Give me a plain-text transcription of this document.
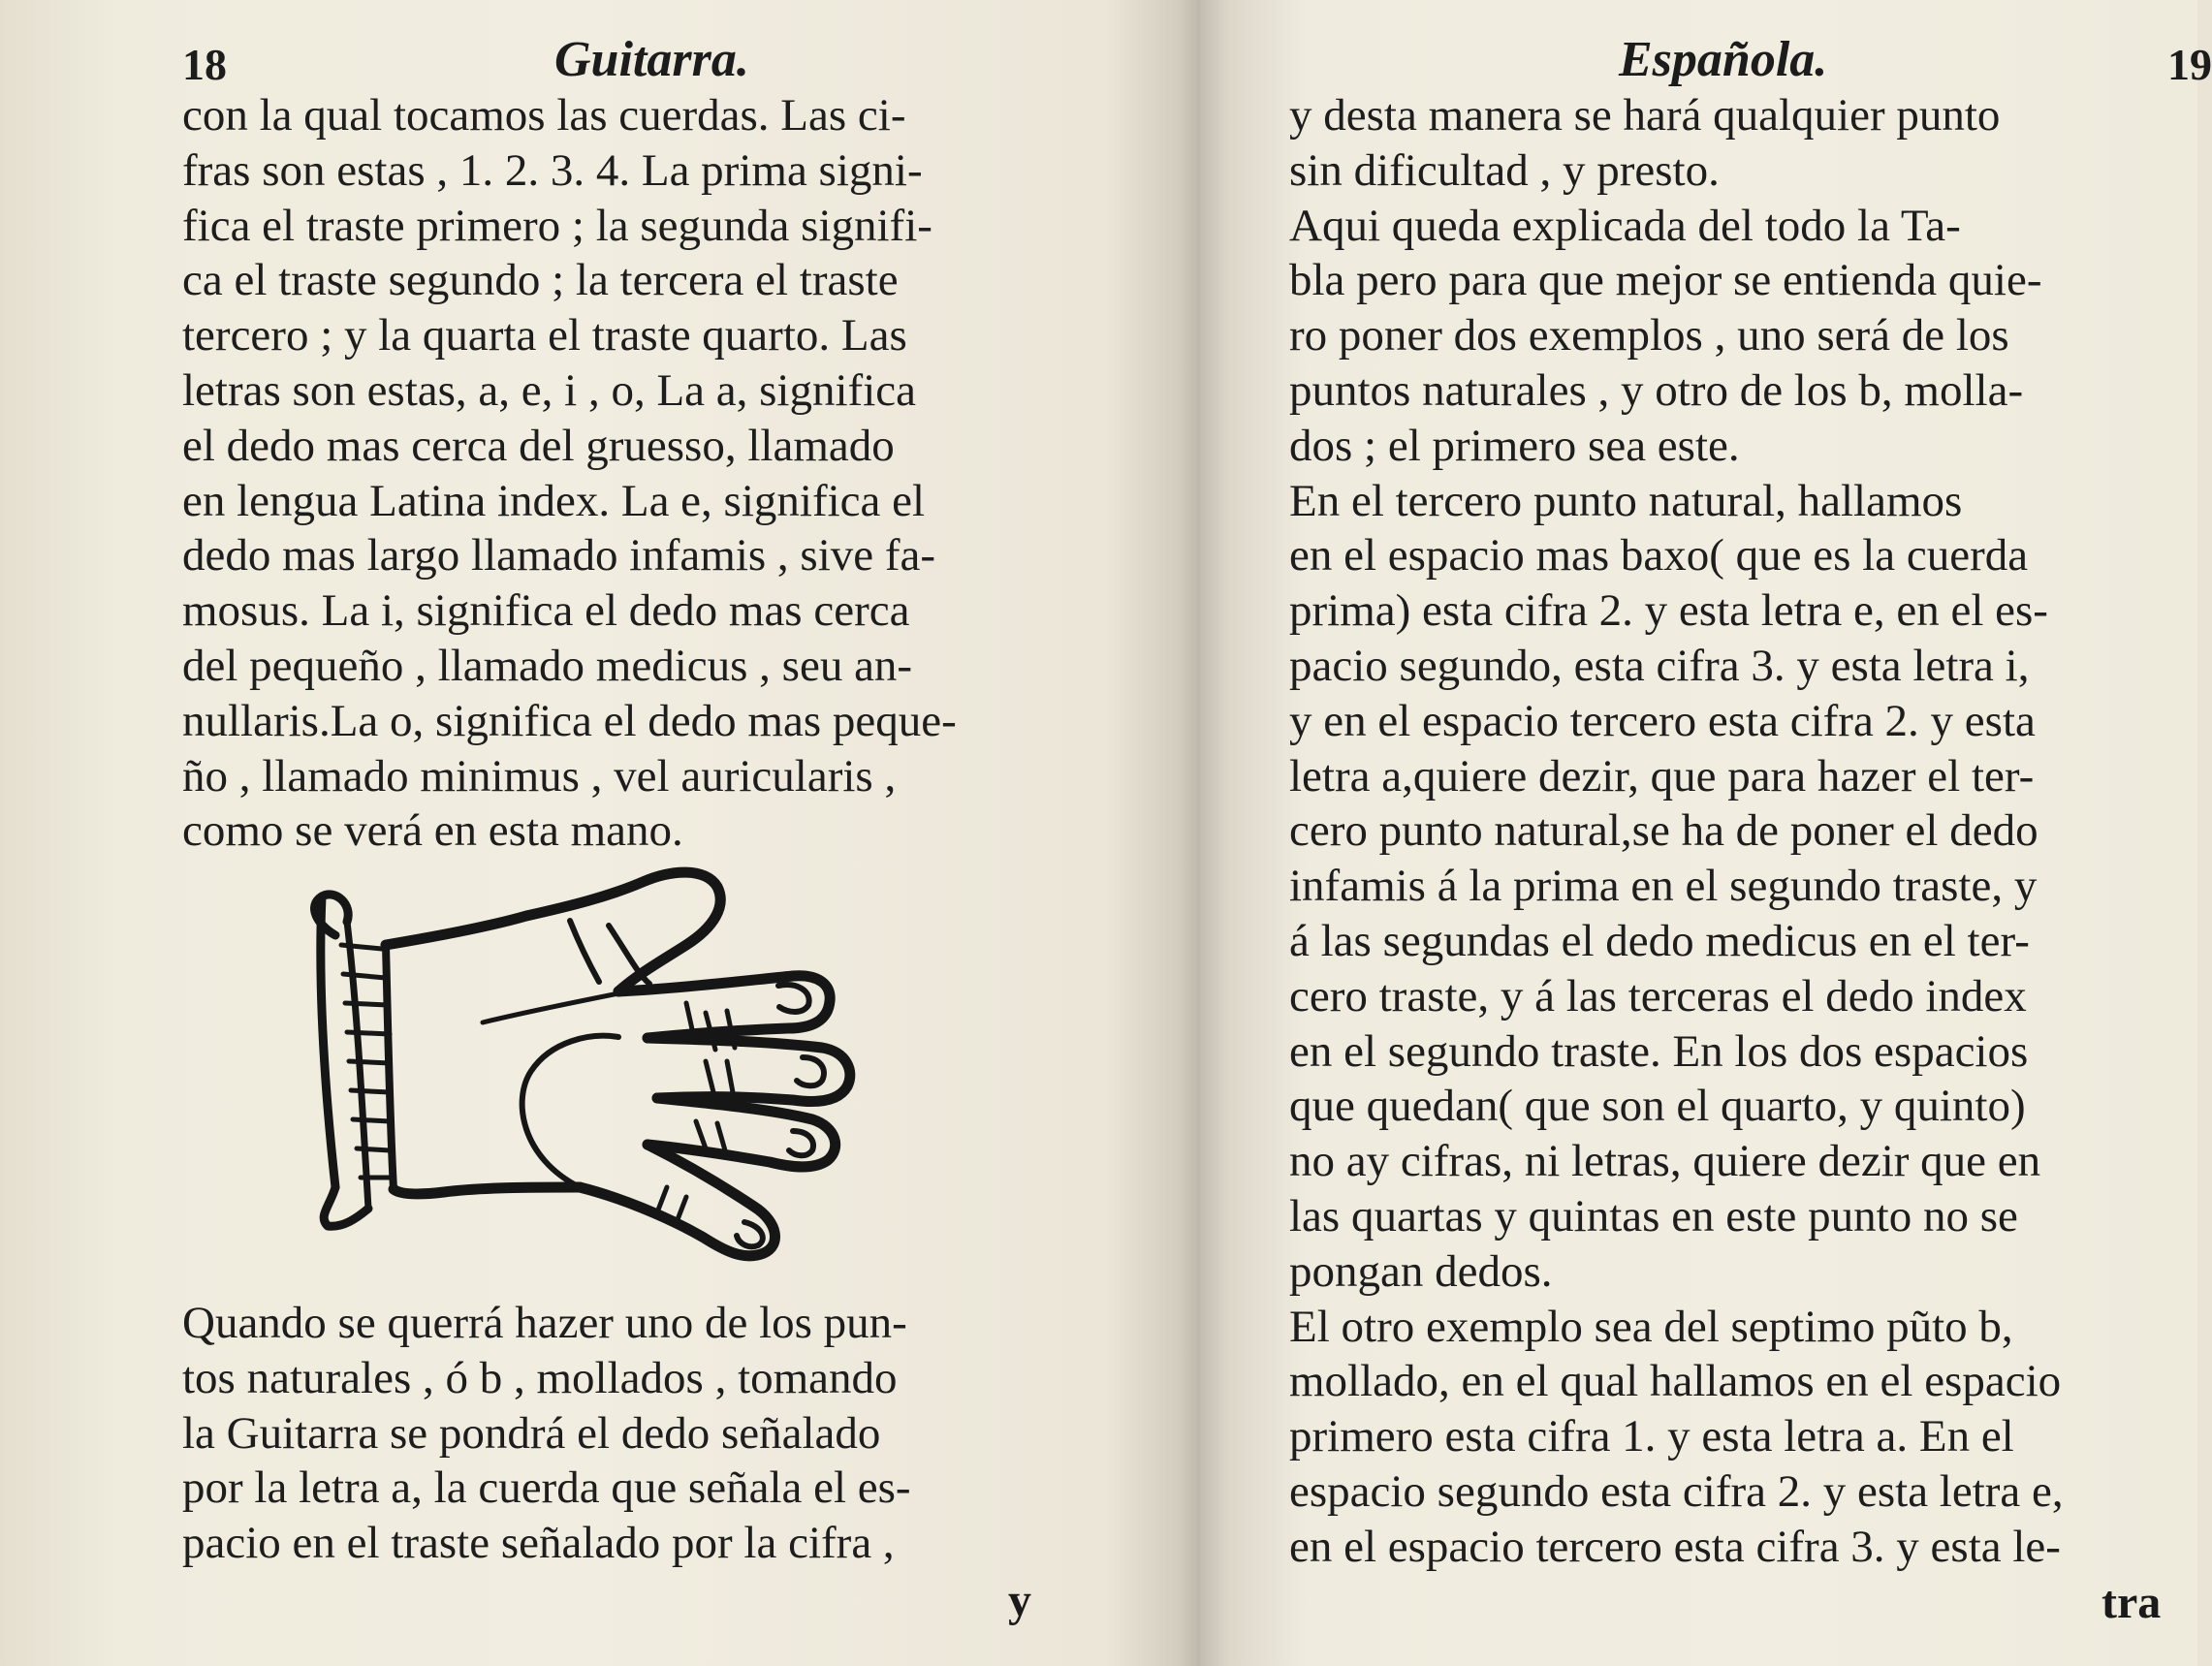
18	Guitarra.
con la qual tocamos las cuerdas. Las ci-
fras son estas , 1. 2. 3. 4. La prima signi-
fica el traste primero ; la segunda signifi-
ca el traste segundo ; la tercera el traste
tercero ; y la quarta el traste quarto. Las
letras son estas, a, e, i , o, La a, significa
el dedo mas cerca del gruesso, llamado
en lengua Latina index. La e, significa el
dedo mas largo llamado infamis , sive fa-
mosus. La i, significa el dedo mas cerca
del pequeño , llamado medicus , seu an-
nullaris.La o, significa el dedo mas peque-
ño , llamado minimus , vel auricularis ,
como se verá en esta mano.
Quando se querrá hazer uno de los pun-
tos naturales , ó b , mollados , tomando
la Guitarra se pondrá el dedo señalado
por la letra a, la cuerda que señala el es-
pacio en el traste señalado por la cifra ,
y
Española.	19
y desta manera se hará qualquier punto
sin dificultad , y presto.
Aqui queda explicada del todo la Ta-
bla pero para que mejor se entienda quie-
ro poner dos exemplos , uno será de los
puntos naturales , y otro de los b, molla-
dos ; el primero sea este.
En el tercero punto natural, hallamos
en el espacio mas baxo( que es la cuerda
prima) esta cifra 2. y esta letra e, en el es-
pacio segundo, esta cifra 3. y esta letra i,
y en el espacio tercero esta cifra 2. y esta
letra a,quiere dezir, que para hazer el ter-
cero punto natural,se ha de poner el dedo
infamis á la prima en el segundo traste, y
á las segundas el dedo medicus en el ter-
cero traste, y á las terceras el dedo index
en el segundo traste. En los dos espacios
que quedan( que son el quarto, y quinto)
no ay cifras, ni letras, quiere dezir que en
las quartas y quintas en este punto no se
pongan dedos.
El otro exemplo sea del septimo pũto b,
mollado, en el qual hallamos en el espacio
primero esta cifra 1. y esta letra a. En el
espacio segundo esta cifra 2. y esta letra e,
en el espacio tercero esta cifra 3. y esta le-
tra
